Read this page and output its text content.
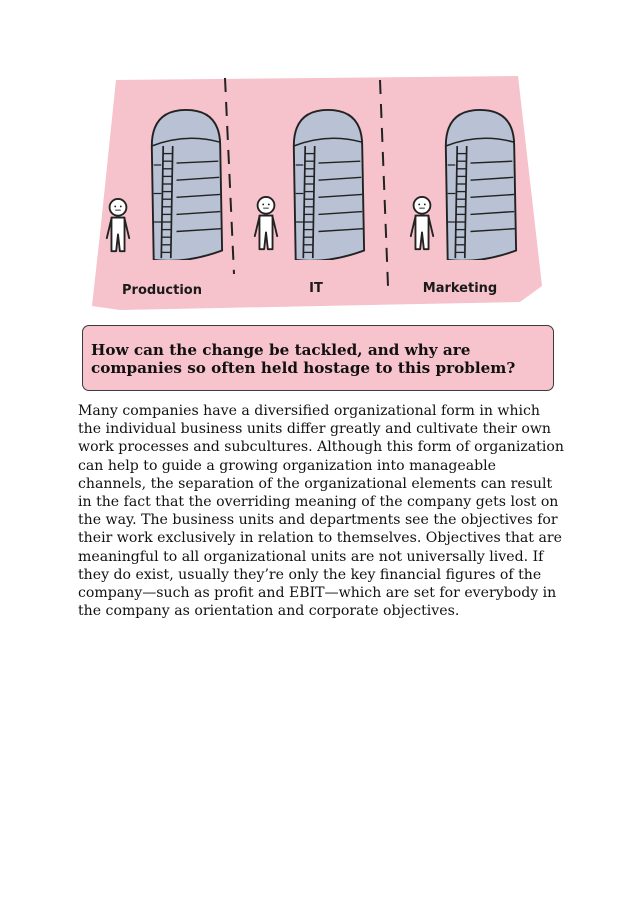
Production	IT	Marketing

How can the change be tackled, and why are companies so often held hostage to this problem?

Many companies have a diversified organizational form in which the individual business units differ greatly and cultivate their own work processes and subcultures. Although this form of organization can help to guide a growing organization into manageable channels, the separation of the organizational elements can result in the fact that the overriding meaning of the company gets lost on the way. The business units and departments see the objectives for their work exclusively in relation to themselves. Objectives that are meaningful to all organizational units are not universally lived. If they do exist, usually they’re only the key financial figures of the company—such as profit and EBIT—which are set for everybody in the company as orientation and corporate objectives.
